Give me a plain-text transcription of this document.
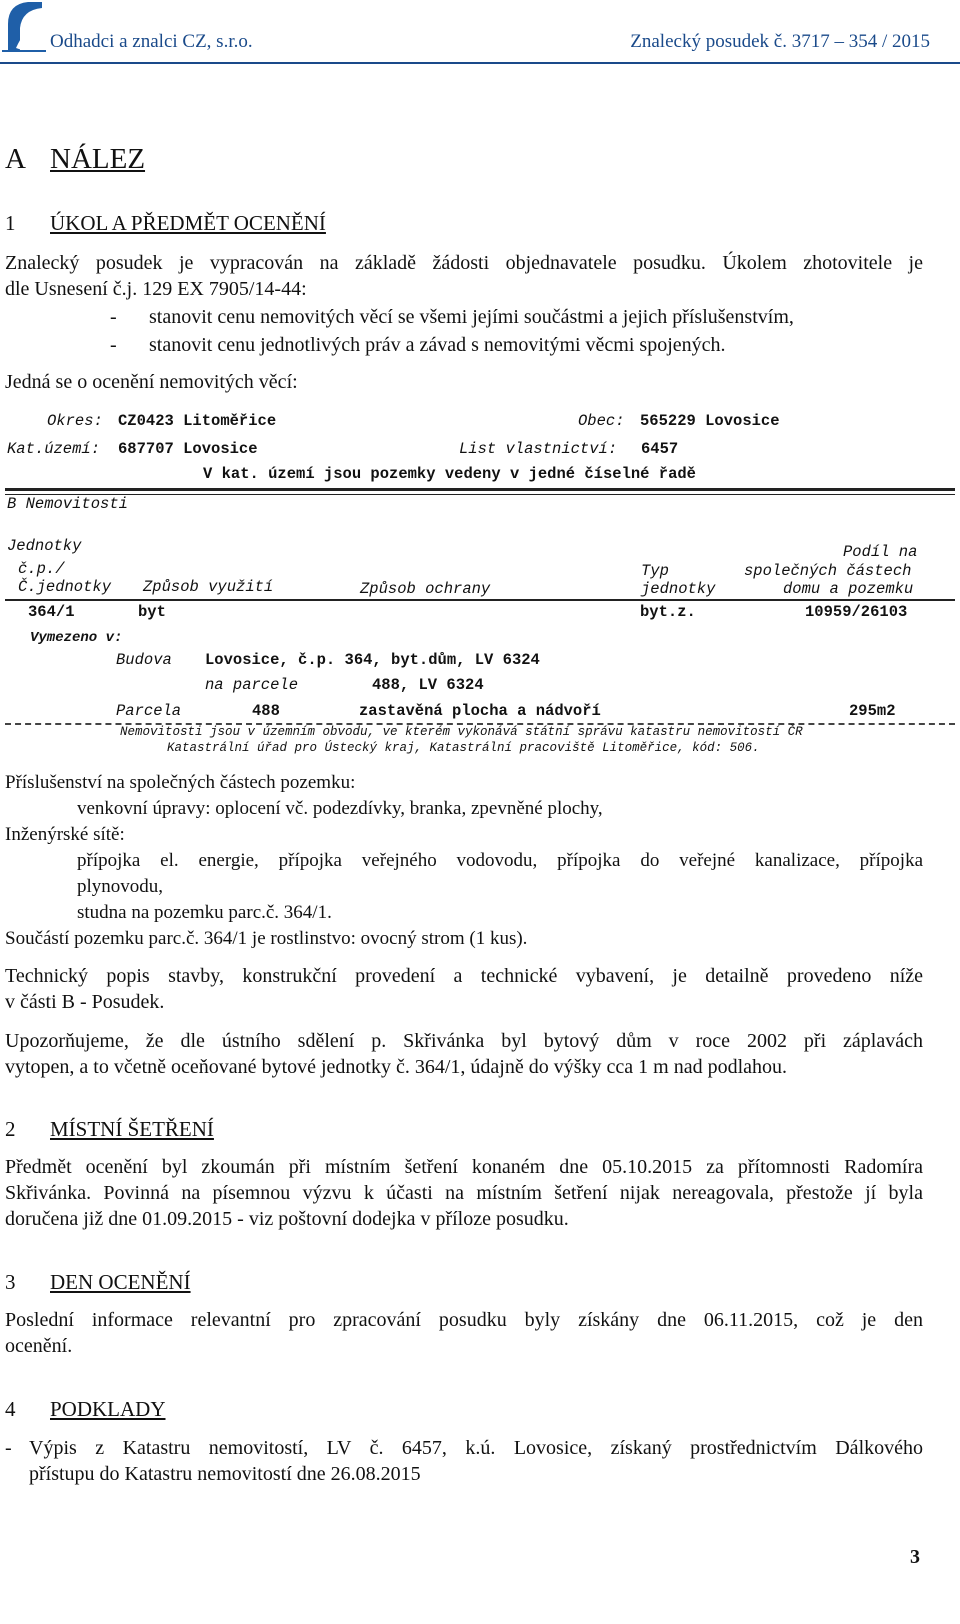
Odhadci a znalci CZ, s.r.o.	Znalecký posudek č. 3717 – 354 / 2015
A NÁLEZ
1 ÚKOL A PŘEDMĚT OCENĚNÍ
Znalecký posudek je vypracován na základě žádosti objednavatele posudku. Úkolem zhotovitele je
dle Usnesení č.j. 129 EX 7905/14-44:
- stanovit cenu nemovitých věcí se všemi jejími součástmi a jejich příslušenstvím,
- stanovit cenu jednotlivých práv a závad s nemovitými věcmi spojených.
Jedná se o ocenění nemovitých věcí:
Okres: CZ0423 Litoměřice	Obec: 565229 Lovosice
Kat.území: 687707 Lovosice	List vlastnictví: 6457
V kat. území jsou pozemky vedeny v jedné číselné řadě
B Nemovitosti
Jednotky	Podíl na
č.p./	Typ	společných částech
Č.jednotky Způsob využití	Způsob ochrany	jednotky	domu a pozemku
364/1	byt	byt.z.	10959/26103
Vymezeno v:
Budova Lovosice, č.p. 364, byt.dům, LV 6324
na parcele	488, LV 6324
Parcela	488	zastavěná plocha a nádvoří	295m2
Nemovitosti jsou v územním obvodu, ve kterém vykonává státní správu katastru nemovitostí ČR
Katastrální úřad pro Ústecký kraj, Katastrální pracoviště Litoměřice, kód: 506.
Příslušenství na společných částech pozemku:
venkovní úpravy: oplocení vč. podezdívky, branka, zpevněné plochy,
Inženýrské sítě:
přípojka el. energie, přípojka veřejného vodovodu, přípojka do veřejné kanalizace, přípojka
plynovodu,
studna na pozemku parc.č. 364/1.
Součástí pozemku parc.č. 364/1 je rostlinstvo: ovocný strom (1 kus).
Technický popis stavby, konstrukční provedení a technické vybavení, je detailně provedeno níže
v části B - Posudek.
Upozorňujeme, že dle ústního sdělení p. Skřivánka byl bytový dům v roce 2002 při záplavách
vytopen, a to včetně oceňované bytové jednotky č. 364/1, údajně do výšky cca 1 m nad podlahou.
2 MÍSTNÍ ŠETŘENÍ
Předmět ocenění byl zkoumán při místním šetření konaném dne 05.10.2015 za přítomnosti Radomíra
Skřivánka. Povinná na písemnou výzvu k účasti na místním šetření nijak nereagovala, přestože jí byla
doručena již dne 01.09.2015 - viz poštovní dodejka v příloze posudku.
3 DEN OCENĚNÍ
Poslední informace relevantní pro zpracování posudku byly získány dne 06.11.2015, což je den
ocenění.
4 PODKLADY
- Výpis z Katastru nemovitostí, LV č. 6457, k.ú. Lovosice, získaný prostřednictvím Dálkového
přístupu do Katastru nemovitostí dne 26.08.2015
3
